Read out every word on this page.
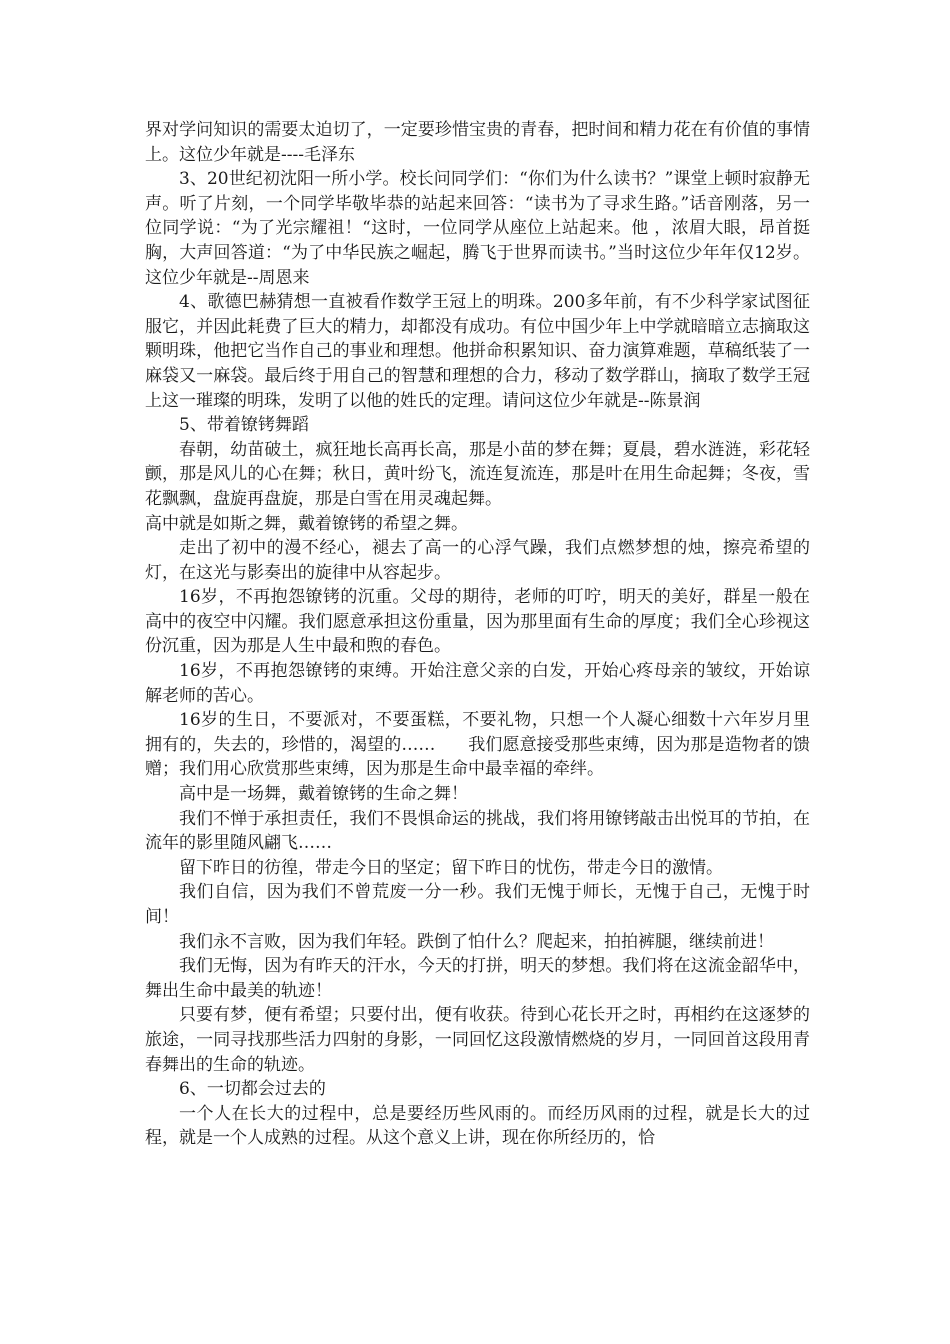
界对学问知识的需要太迫切了，一定要珍惜宝贵的青春，把时间和精力花在有价值的事情上。这位少年就是----毛泽东

3、20世纪初沈阳一所小学。校长问同学们：“你们为什么读书？”课堂上顿时寂静无声。听了片刻，一个同学毕敬毕恭的站起来回答：“读书为了寻求生路。”话音刚落，另一位同学说：“为了光宗耀祖！“这时，一位同学从座位上站起来。他 ，浓眉大眼，昂首挺胸，大声回答道：“为了中华民族之崛起，腾飞于世界而读书。”当时这位少年年仅12岁。这位少年就是--周恩来

4、歌德巴赫猜想一直被看作数学王冠上的明珠。200多年前，有不少科学家试图征服它，并因此耗费了巨大的精力，却都没有成功。有位中国少年上中学就暗暗立志摘取这颗明珠，他把它当作自己的事业和理想。他拼命积累知识、奋力演算难题，草稿纸装了一麻袋又一麻袋。最后终于用自己的智慧和理想的合力，移动了数学群山，摘取了数学王冠上这一璀璨的明珠，发明了以他的姓氏的定理。请问这位少年就是--陈景润

5、带着镣铐舞蹈

春朝，幼苗破土，疯狂地长高再长高，那是小苗的梦在舞；夏晨，碧水涟涟，彩花轻颤，那是风儿的心在舞；秋日，黄叶纷飞，流连复流连，那是叶在用生命起舞；冬夜，雪花飘飘，盘旋再盘旋，那是白雪在用灵魂起舞。

高中就是如斯之舞，戴着镣铐的希望之舞。

走出了初中的漫不经心，褪去了高一的心浮气躁，我们点燃梦想的烛，擦亮希望的灯，在这光与影奏出的旋律中从容起步。

16岁，不再抱怨镣铐的沉重。父母的期待，老师的叮咛，明天的美好，群星一般在高中的夜空中闪耀。我们愿意承担这份重量，因为那里面有生命的厚度；我们全心珍视这份沉重，因为那是人生中最和煦的春色。

16岁，不再抱怨镣铐的束缚。开始注意父亲的白发，开始心疼母亲的皱纹，开始谅解老师的苦心。

16岁的生日，不要派对，不要蛋糕，不要礼物，只想一个人凝心细数十六年岁月里拥有的，失去的，珍惜的，渴望的……      我们愿意接受那些束缚，因为那是造物者的馈赠；我们用心欣赏那些束缚，因为那是生命中最幸福的牵绊。

高中是一场舞，戴着镣铐的生命之舞！

我们不惮于承担责任，我们不畏惧命运的挑战，我们将用镣铐敲击出悦耳的节拍，在流年的影里随风翩飞……

留下昨日的彷徨，带走今日的坚定；留下昨日的忧伤，带走今日的激情。

我们自信，因为我们不曾荒废一分一秒。我们无愧于师长，无愧于自己，无愧于时间！

我们永不言败，因为我们年轻。跌倒了怕什么？爬起来，拍拍裤腿，继续前进！

我们无悔，因为有昨天的汗水，今天的打拼，明天的梦想。我们将在这流金韶华中，舞出生命中最美的轨迹！

只要有梦，便有希望；只要付出，便有收获。待到心花长开之时，再相约在这逐梦的旅途，一同寻找那些活力四射的身影，一同回忆这段激情燃烧的岁月，一同回首这段用青春舞出的生命的轨迹。

6、一切都会过去的

一个人在长大的过程中，总是要经历些风雨的。而经历风雨的过程，就是长大的过程，就是一个人成熟的过程。从这个意义上讲，现在你所经历的，恰
